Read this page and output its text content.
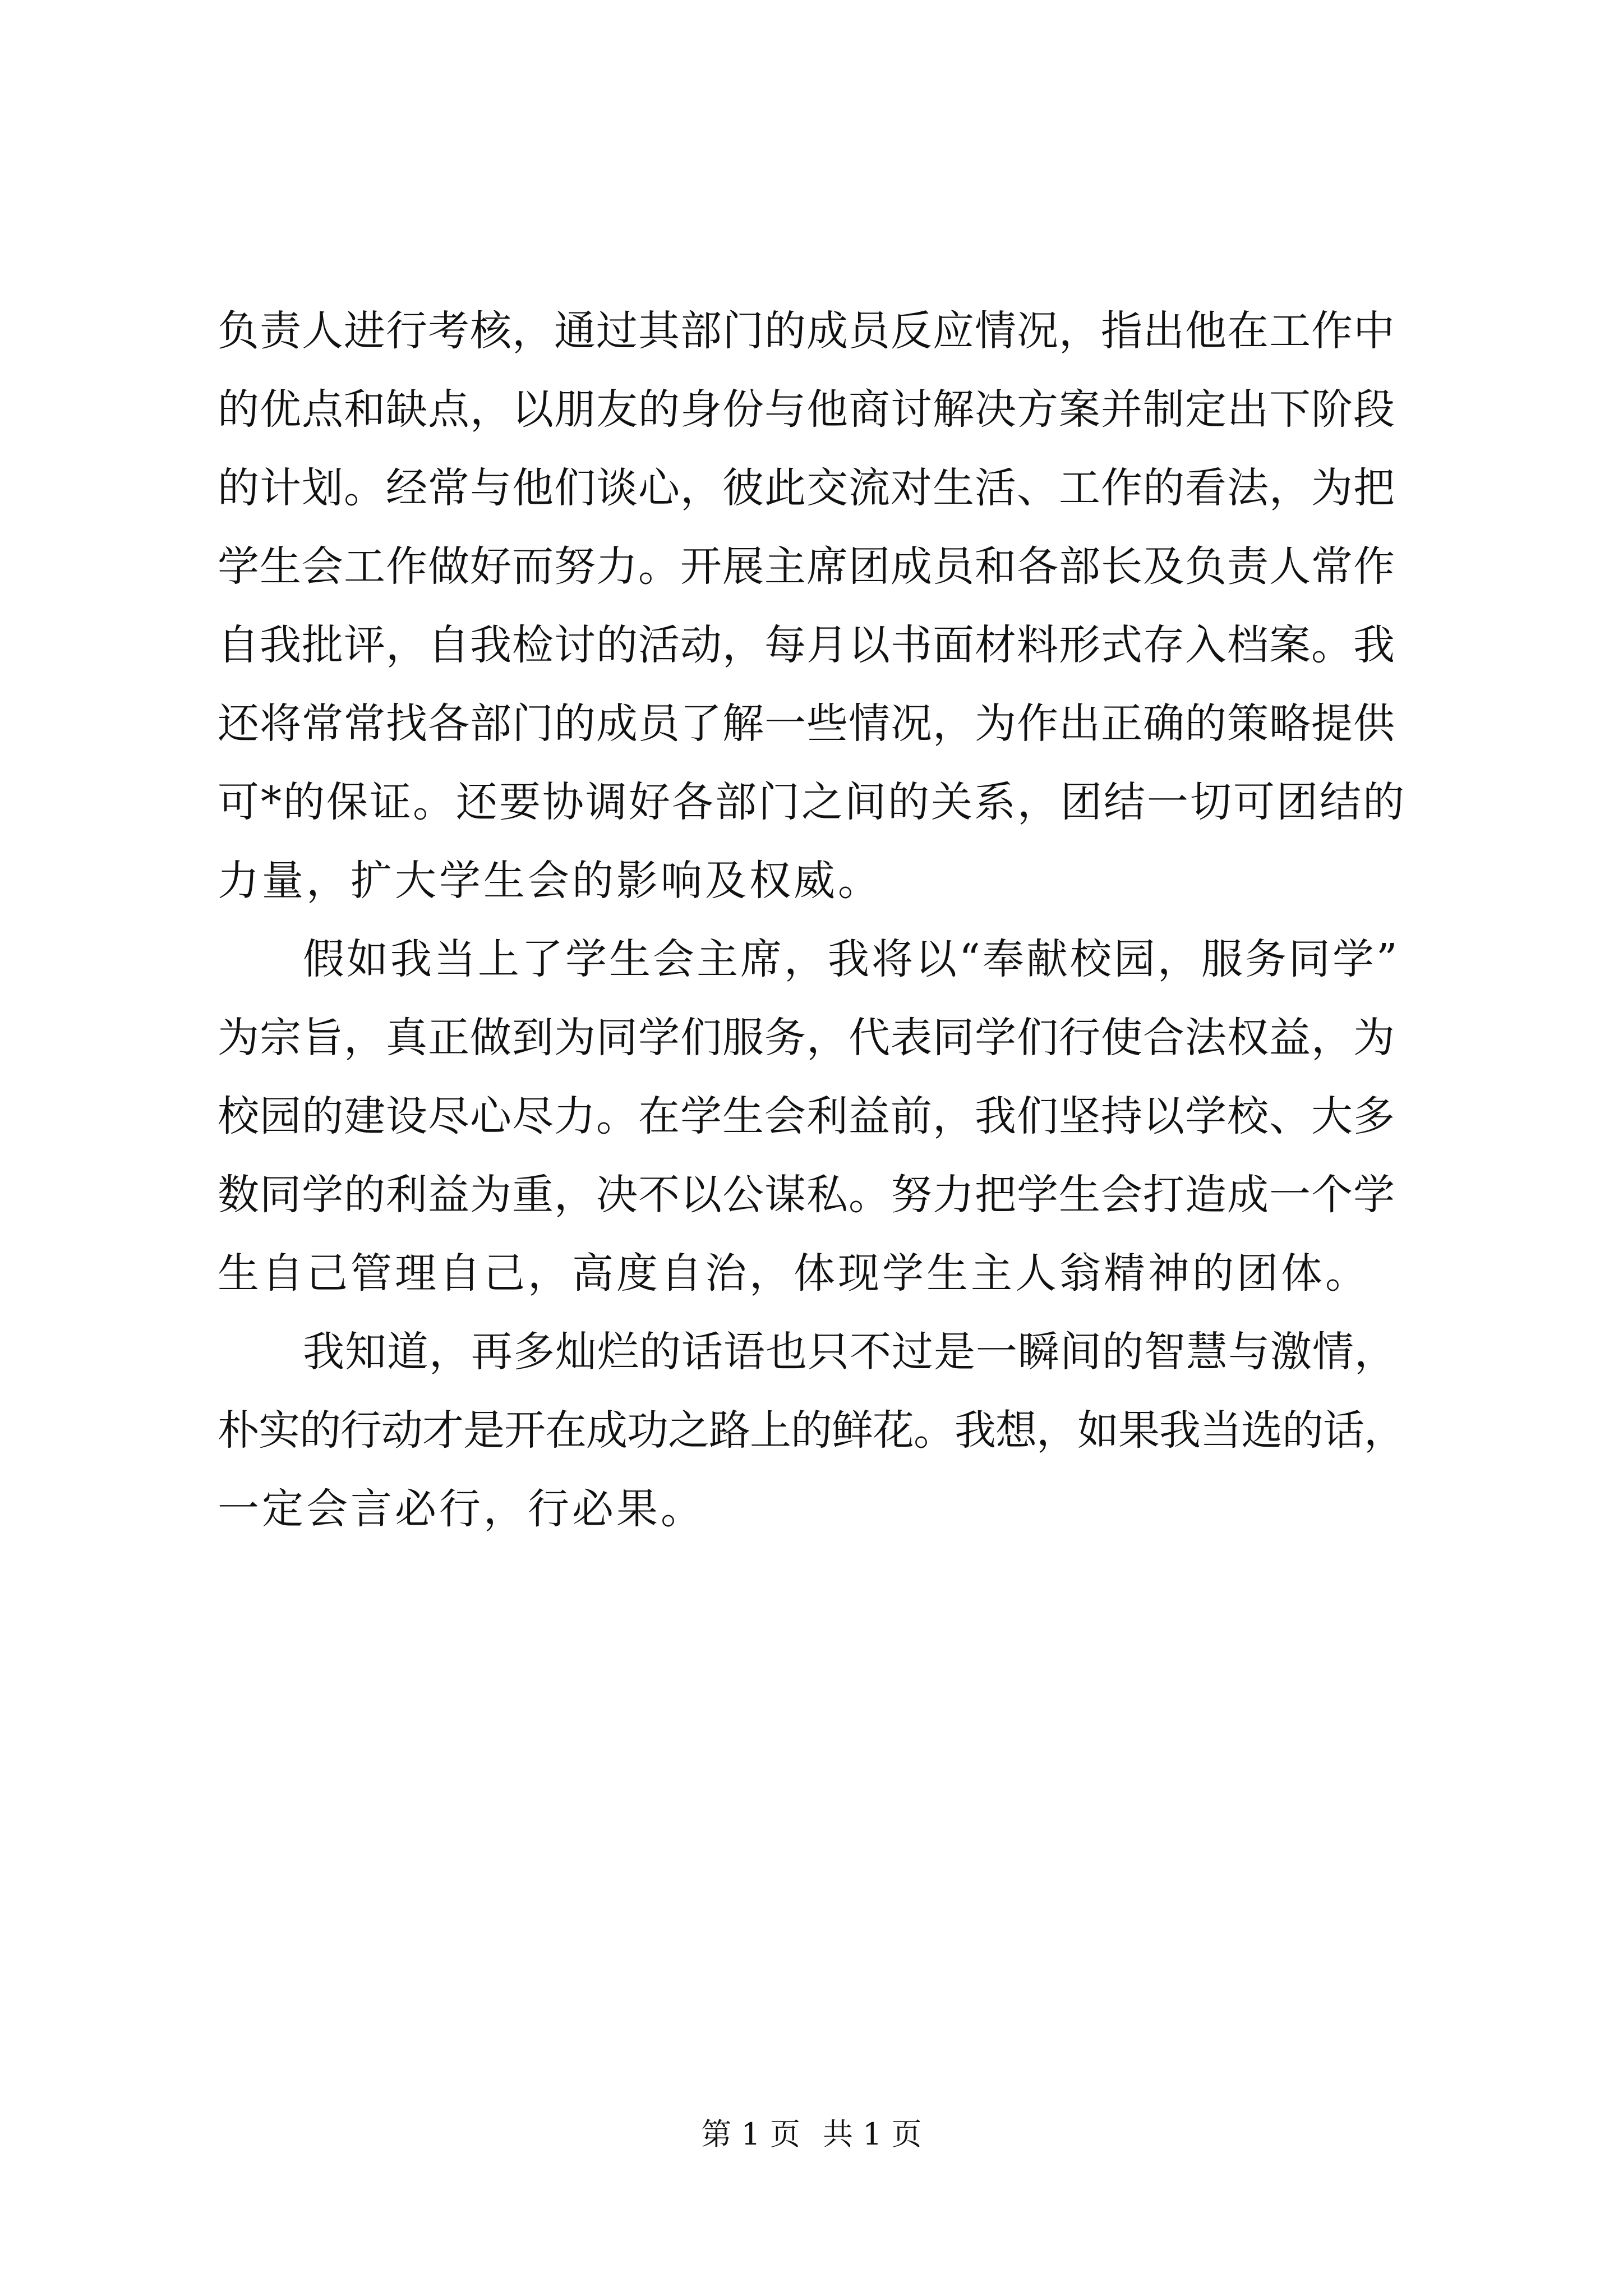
负责人进行考核，通过其部门的成员反应情况，指出他在工作中
的优点和缺点，以朋友的身份与他商讨解决方案并制定出下阶段
的计划。经常与他们谈心，彼此交流对生活、工作的看法，为把
学生会工作做好而努力。开展主席团成员和各部长及负责人常作
自我批评，自我检讨的活动，每月以书面材料形式存入档案。我
还将常常找各部门的成员了解一些情况，为作出正确的策略提供
可*的保证。还要协调好各部门之间的关系，团结一切可团结的
力量，扩大学生会的影响及权威。
假如我当上了学生会主席，我将以“奉献校园，服务同学”
为宗旨，真正做到为同学们服务，代表同学们行使合法权益，为
校园的建设尽心尽力。在学生会利益前，我们坚持以学校、大多
数同学的利益为重，决不以公谋私。努力把学生会打造成一个学
生自己管理自己，高度自治，体现学生主人翁精神的团体。
我知道，再多灿烂的话语也只不过是一瞬间的智慧与激情，
朴实的行动才是开在成功之路上的鲜花。我想，如果我当选的话，
一定会言必行，行必果。
第 1 页 共 1 页
